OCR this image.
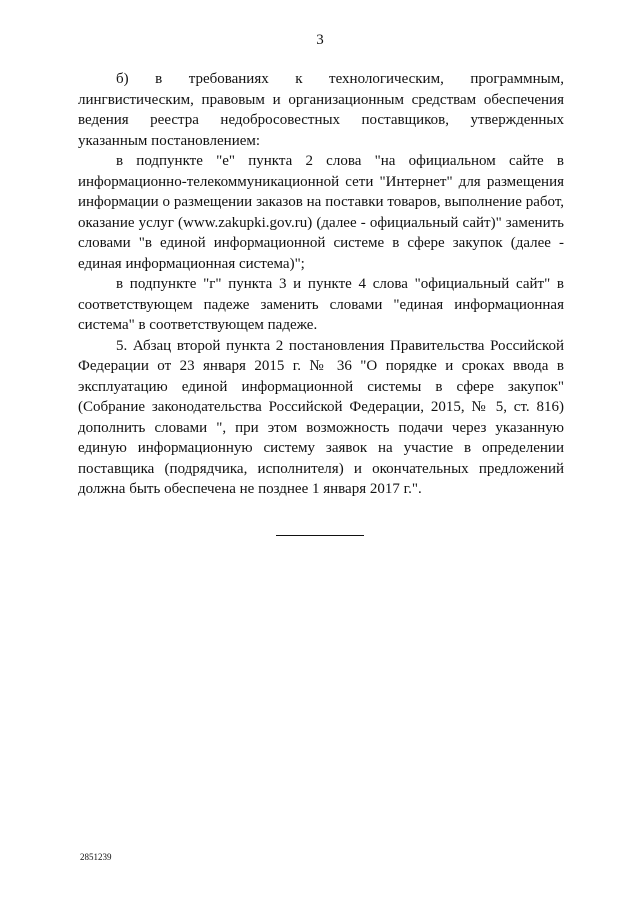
3

б) в требованиях к технологическим, программным, лингвистическим, правовым и организационным средствам обеспечения ведения реестра недобросовестных поставщиков, утвержденных указанным постановлением:

в подпункте "е" пункта 2 слова "на официальном сайте в информационно-телекоммуникационной сети "Интернет" для размещения информации о размещении заказов на поставки товаров, выполнение работ, оказание услуг (www.zakupki.gov.ru) (далее - официальный сайт)" заменить словами "в единой информационной системе в сфере закупок (далее - единая информационная система)";

в подпункте "г" пункта 3 и пункте 4 слова "официальный сайт" в соответствующем падеже заменить словами "единая информационная система" в соответствующем падеже.

5. Абзац второй пункта 2 постановления Правительства Российской Федерации от 23 января 2015 г. № 36 "О порядке и сроках ввода в эксплуатацию единой информационной системы в сфере закупок" (Собрание законодательства Российской Федерации, 2015, № 5, ст. 816) дополнить словами ", при этом возможность подачи через указанную единую информационную систему заявок на участие в определении поставщика (подрядчика, исполнителя) и окончательных предложений должна быть обеспечена не позднее 1 января 2017 г.".

2851239
